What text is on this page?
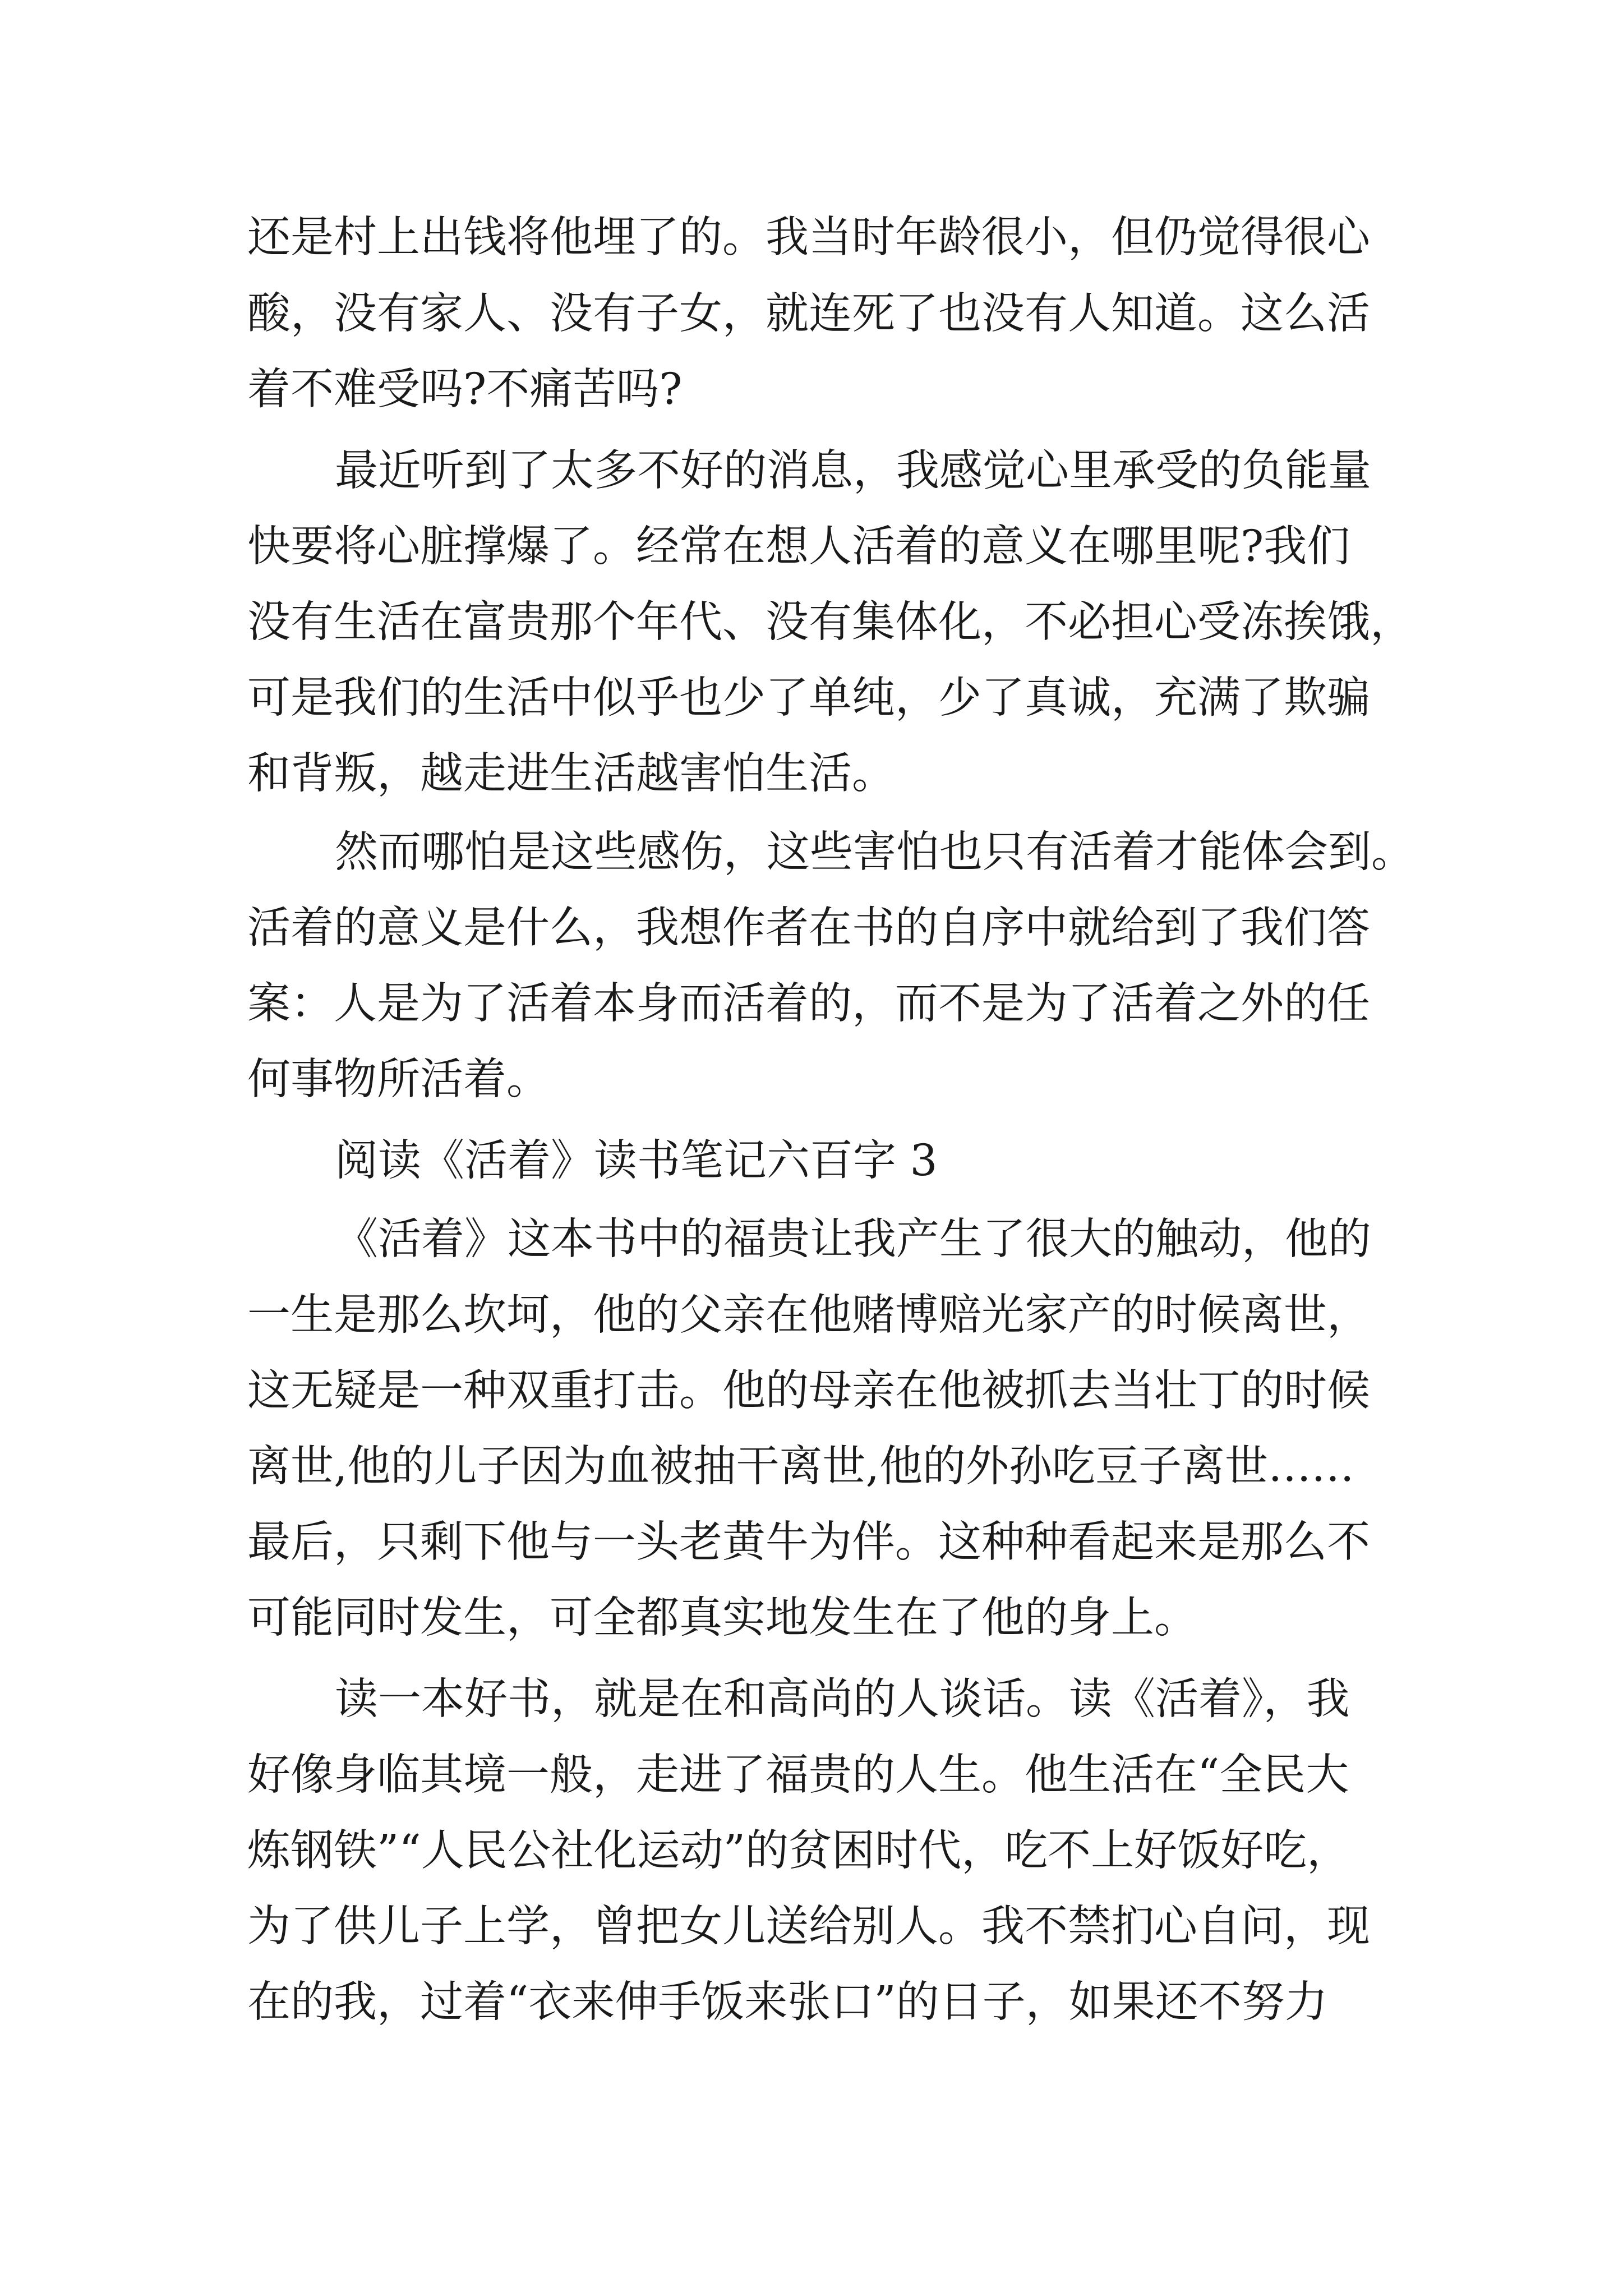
还是村上出钱将他埋了的。我当时年龄很小，但仍觉得很心
酸，没有家人、没有子女，就连死了也没有人知道。这么活
着不难受吗?不痛苦吗?
最近听到了太多不好的消息，我感觉心里承受的负能量
快要将心脏撑爆了。经常在想人活着的意义在哪里呢?我们
没有生活在富贵那个年代、没有集体化，不必担心受冻挨饿，
可是我们的生活中似乎也少了单纯，少了真诚，充满了欺骗
和背叛，越走进生活越害怕生活。
然而哪怕是这些感伤，这些害怕也只有活着才能体会到。
活着的意义是什么，我想作者在书的自序中就给到了我们答
案：人是为了活着本身而活着的，而不是为了活着之外的任
何事物所活着。
阅读《活着》读书笔记六百字 3
《活着》这本书中的福贵让我产生了很大的触动，他的
一生是那么坎坷，他的父亲在他赌博赔光家产的时候离世，
这无疑是一种双重打击。他的母亲在他被抓去当壮丁的时候
离世,他的儿子因为血被抽干离世,他的外孙吃豆子离世……
最后，只剩下他与一头老黄牛为伴。这种种看起来是那么不
可能同时发生，可全都真实地发生在了他的身上。
读一本好书，就是在和高尚的人谈话。读《活着》，我
好像身临其境一般，走进了福贵的人生。他生活在“全民大
炼钢铁”“人民公社化运动”的贫困时代，吃不上好饭好吃，
为了供儿子上学，曾把女儿送给别人。我不禁扪心自问，现
在的我，过着“衣来伸手饭来张口”的日子，如果还不努力
